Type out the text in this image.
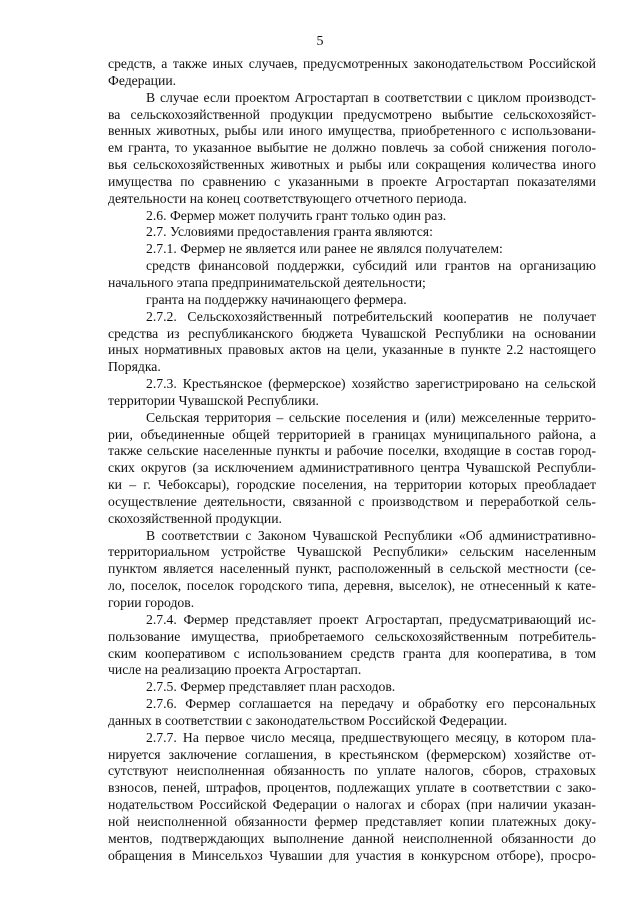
5
средств, а также иных случаев, предусмотренных законодательством Российской
Федерации.
В случае если проектом Агростартап в соответствии с циклом производст-
ва сельскохозяйственной продукции предусмотрено выбытие сельскохозяйст-
венных животных, рыбы или иного имущества, приобретенного с использовани-
ем гранта, то указанное выбытие не должно повлечь за собой снижения поголо-
вья сельскохозяйственных животных и рыбы или сокращения количества иного
имущества по сравнению с указанными в проекте Агростартап показателями
деятельности на конец соответствующего отчетного периода.
2.6. Фермер может получить грант только один раз.
2.7. Условиями предоставления гранта являются:
2.7.1. Фермер не является или ранее не являлся получателем:
средств финансовой поддержки, субсидий или грантов на организацию
начального этапа предпринимательской деятельности;
гранта на поддержку начинающего фермера.
2.7.2. Сельскохозяйственный потребительский кооператив не получает
средства из республиканского бюджета Чувашской Республики на основании
иных нормативных правовых актов на цели, указанные в пункте 2.2 настоящего
Порядка.
2.7.3. Крестьянское (фермерское) хозяйство зарегистрировано на сельской
территории Чувашской Республики.
Сельская территория – сельские поселения и (или) межселенные террито-
рии, объединенные общей территорией в границах муниципального района, а
также сельские населенные пункты и рабочие поселки, входящие в состав город-
ских округов (за исключением административного центра Чувашской Республи-
ки – г. Чебоксары), городские поселения, на территории которых преобладает
осуществление деятельности, связанной с производством и переработкой сель-
скохозяйственной продукции.
В соответствии с Законом Чувашской Республики «Об административно-
территориальном устройстве Чувашской Республики» сельским населенным
пунктом является населенный пункт, расположенный в сельской местности (се-
ло, поселок, поселок городского типа, деревня, выселок), не отнесенный к кате-
гории городов.
2.7.4. Фермер представляет проект Агростартап, предусматривающий ис-
пользование имущества, приобретаемого сельскохозяйственным потребитель-
ским кооперативом с использованием средств гранта для кооператива, в том
числе на реализацию проекта Агростартап.
2.7.5. Фермер представляет план расходов.
2.7.6. Фермер соглашается на передачу и обработку его персональных
данных в соответствии с законодательством Российской Федерации.
2.7.7. На первое число месяца, предшествующего месяцу, в котором пла-
нируется заключение соглашения, в крестьянском (фермерском) хозяйстве от-
сутствуют неисполненная обязанность по уплате налогов, сборов, страховых
взносов, пеней, штрафов, процентов, подлежащих уплате в соответствии с зако-
нодательством Российской Федерации о налогах и сборах (при наличии указан-
ной неисполненной обязанности фермер представляет копии платежных доку-
ментов, подтверждающих выполнение данной неисполненной обязанности до
обращения в Минсельхоз Чувашии для участия в конкурсном отборе), просро-
